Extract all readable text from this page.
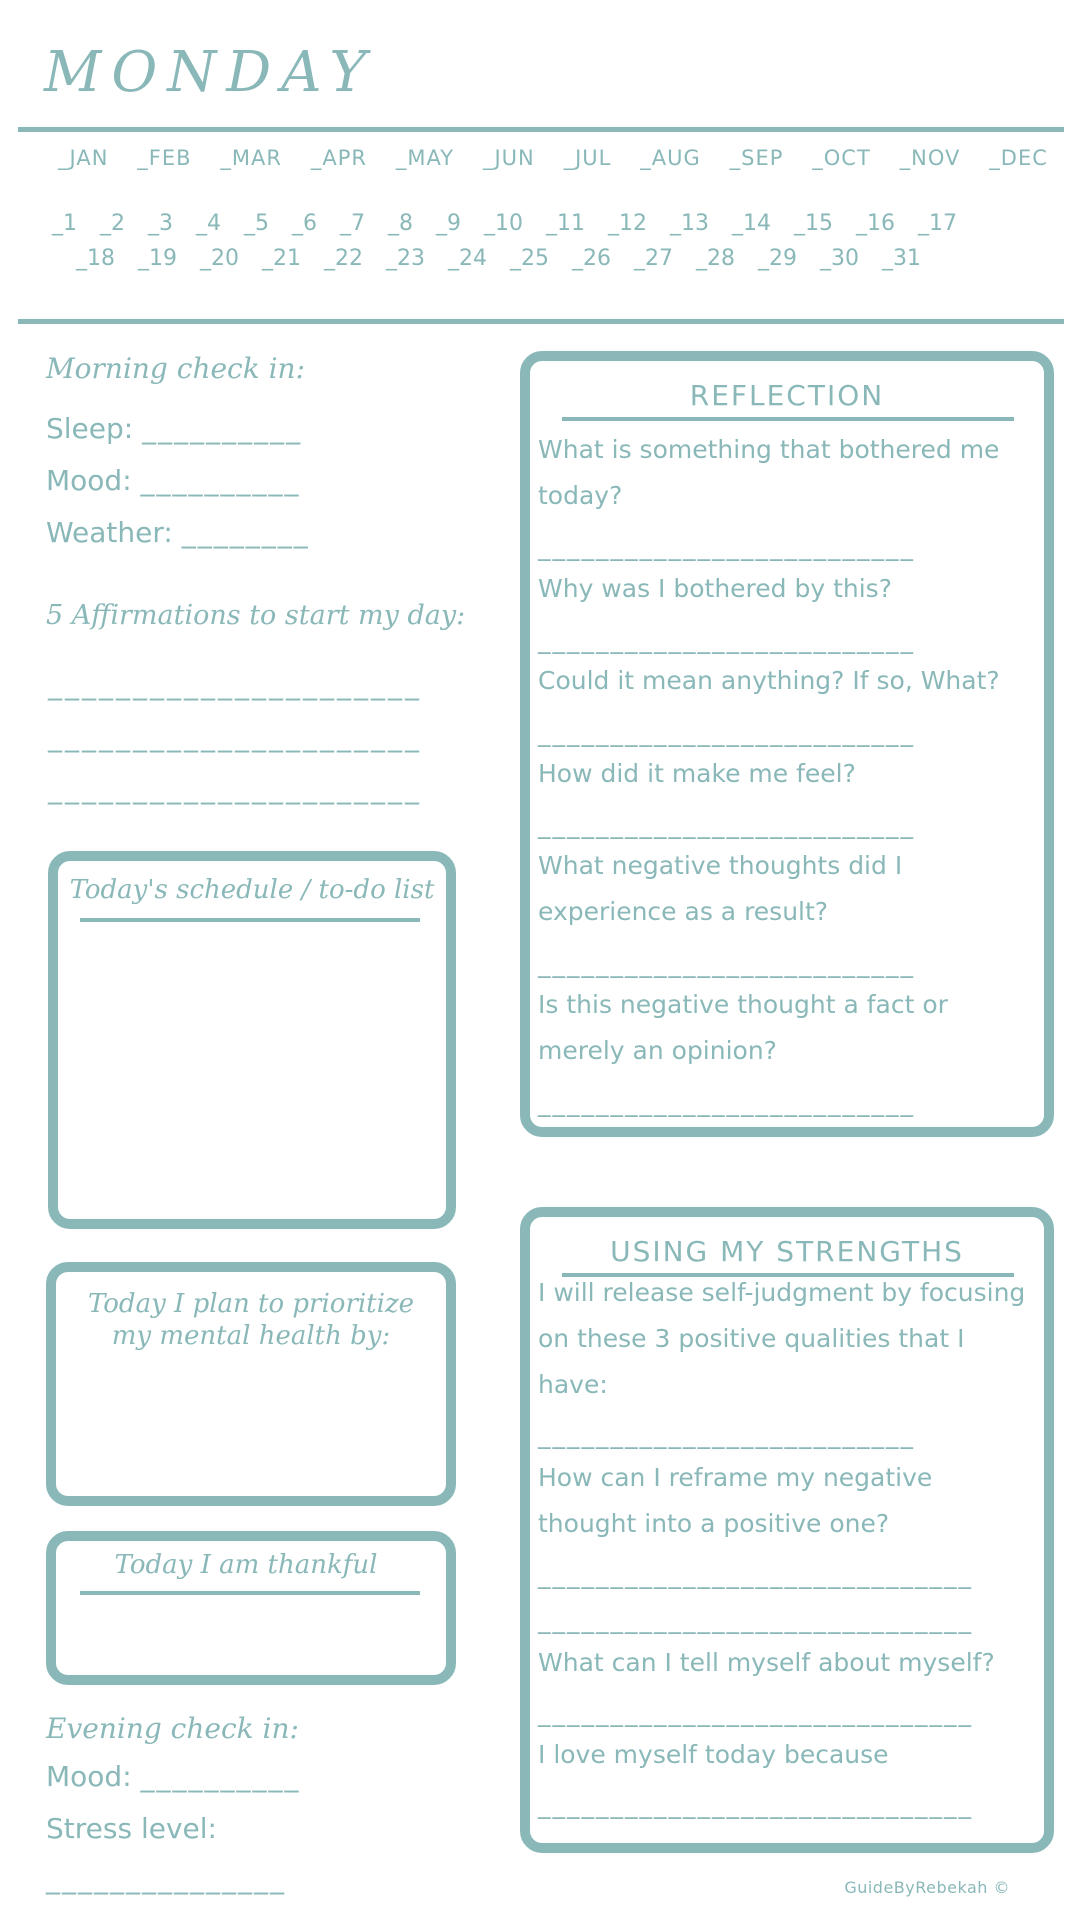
MONDAY
_JAN _FEB _MAR _APR _MAY _JUN _JUL _AUG _SEP _OCT _NOV _DEC
_1 _2 _3 _4 _5 _6 _7 _8 _9 _10 _11 _12 _13 _14 _15 _16 _17
_18 _19 _20 _21 _22 _23 _24 _25 _26 _27 _28 _29 _30 _31
Morning check in:
Sleep: __________
Mood: __________
Weather: ________
5 Affirmations to start my day:
______________________
______________________
______________________
Today's schedule / to-do list
Today I plan to prioritize my mental health by:
Today I am thankful
Evening check in:
Mood: __________
Stress level:
_______________
REFLECTION
What is something that bothered me today?
__________________________
Why was I bothered by this?
__________________________
Could it mean anything? If so, What?
__________________________
How did it make me feel?
__________________________
What negative thoughts did I experience as a result?
__________________________
Is this negative thought a fact or merely an opinion?
__________________________
USING MY STRENGTHS
I will release self-judgment by focusing on these 3 positive qualities that I have:
__________________________
How can I reframe my negative thought into a positive one?
______________________________
______________________________
What can I tell myself about myself?
______________________________
I love myself today because
______________________________
GuideByRebekah ©
